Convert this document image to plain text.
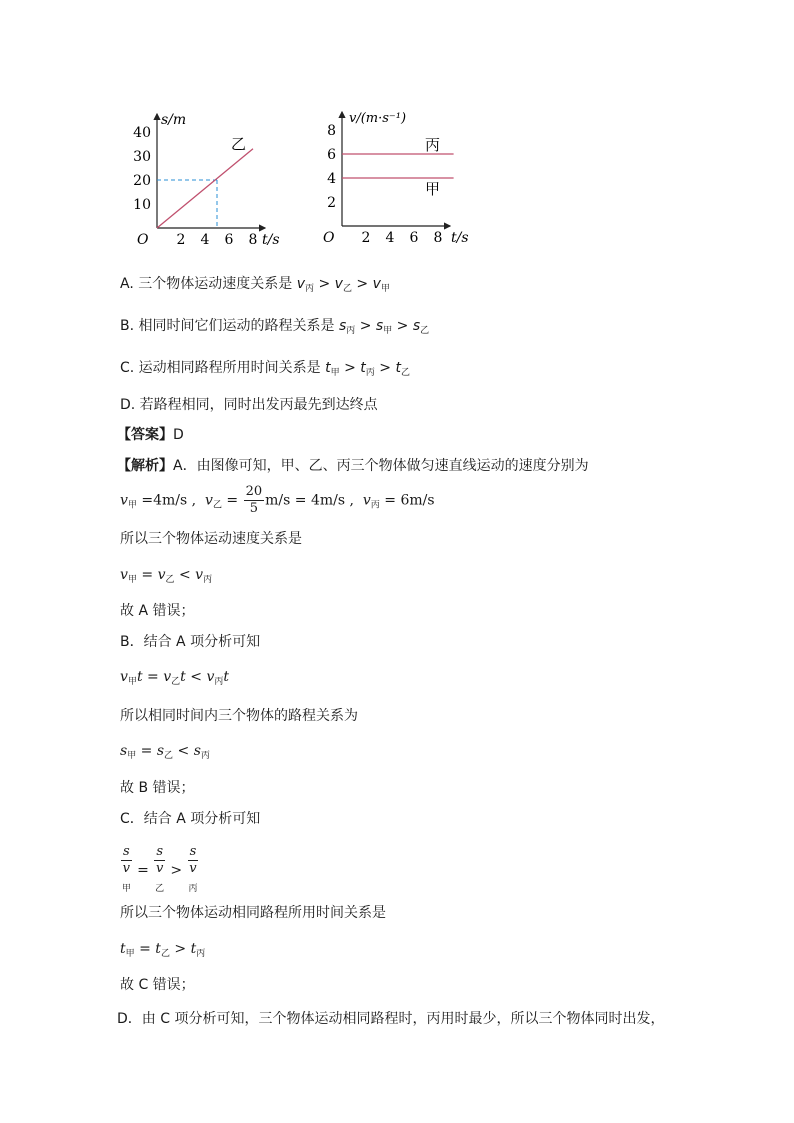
s/m
t/s
O
10
20
30
40
2 4 6 8
乙
v/(m·s⁻¹)
t/s
O
2
4
6
8
2 4 6 8
丙
甲
A. 三个物体运动速度关系是 $v_丙 > v_乙 > v_甲$
B. 相同时间它们运动的路程关系是 $s_丙 > s_甲 > s_乙$
C. 运动相同路程所用时间关系是 $t_甲 > t_丙 > t_乙$
D. 若路程相同，同时出发丙最先到达终点
【答案】D
【解析】A．由图像可知，甲、乙、丙三个物体做匀速直线运动的速度分别为
$v_甲 =4m/s$ ,  $v_乙 = \frac{20}{5} m/s = 4m/s$ ,  $v_丙 = 6m/s$
所以三个物体运动速度关系是
$v_甲 = v_乙 < v_丙$
故 A 错误；
B．结合 A 项分析可知
$v_甲t = v_乙t < v_丙t$
所以相同时间内三个物体的路程关系为
$s_甲 = s_乙 < s_丙$
故 B 错误；
C．结合 A 项分析可知
s
v
$_甲$ = s
v
$_乙$ > s
v
$_丙$
所以三个物体运动相同路程所用时间关系是
$t_甲 = t_乙 > t_丙$
故 C 错误；
D．由 C 项分析可知，三个物体运动相同路程时，丙用时最少，所以三个物体同时出发，
